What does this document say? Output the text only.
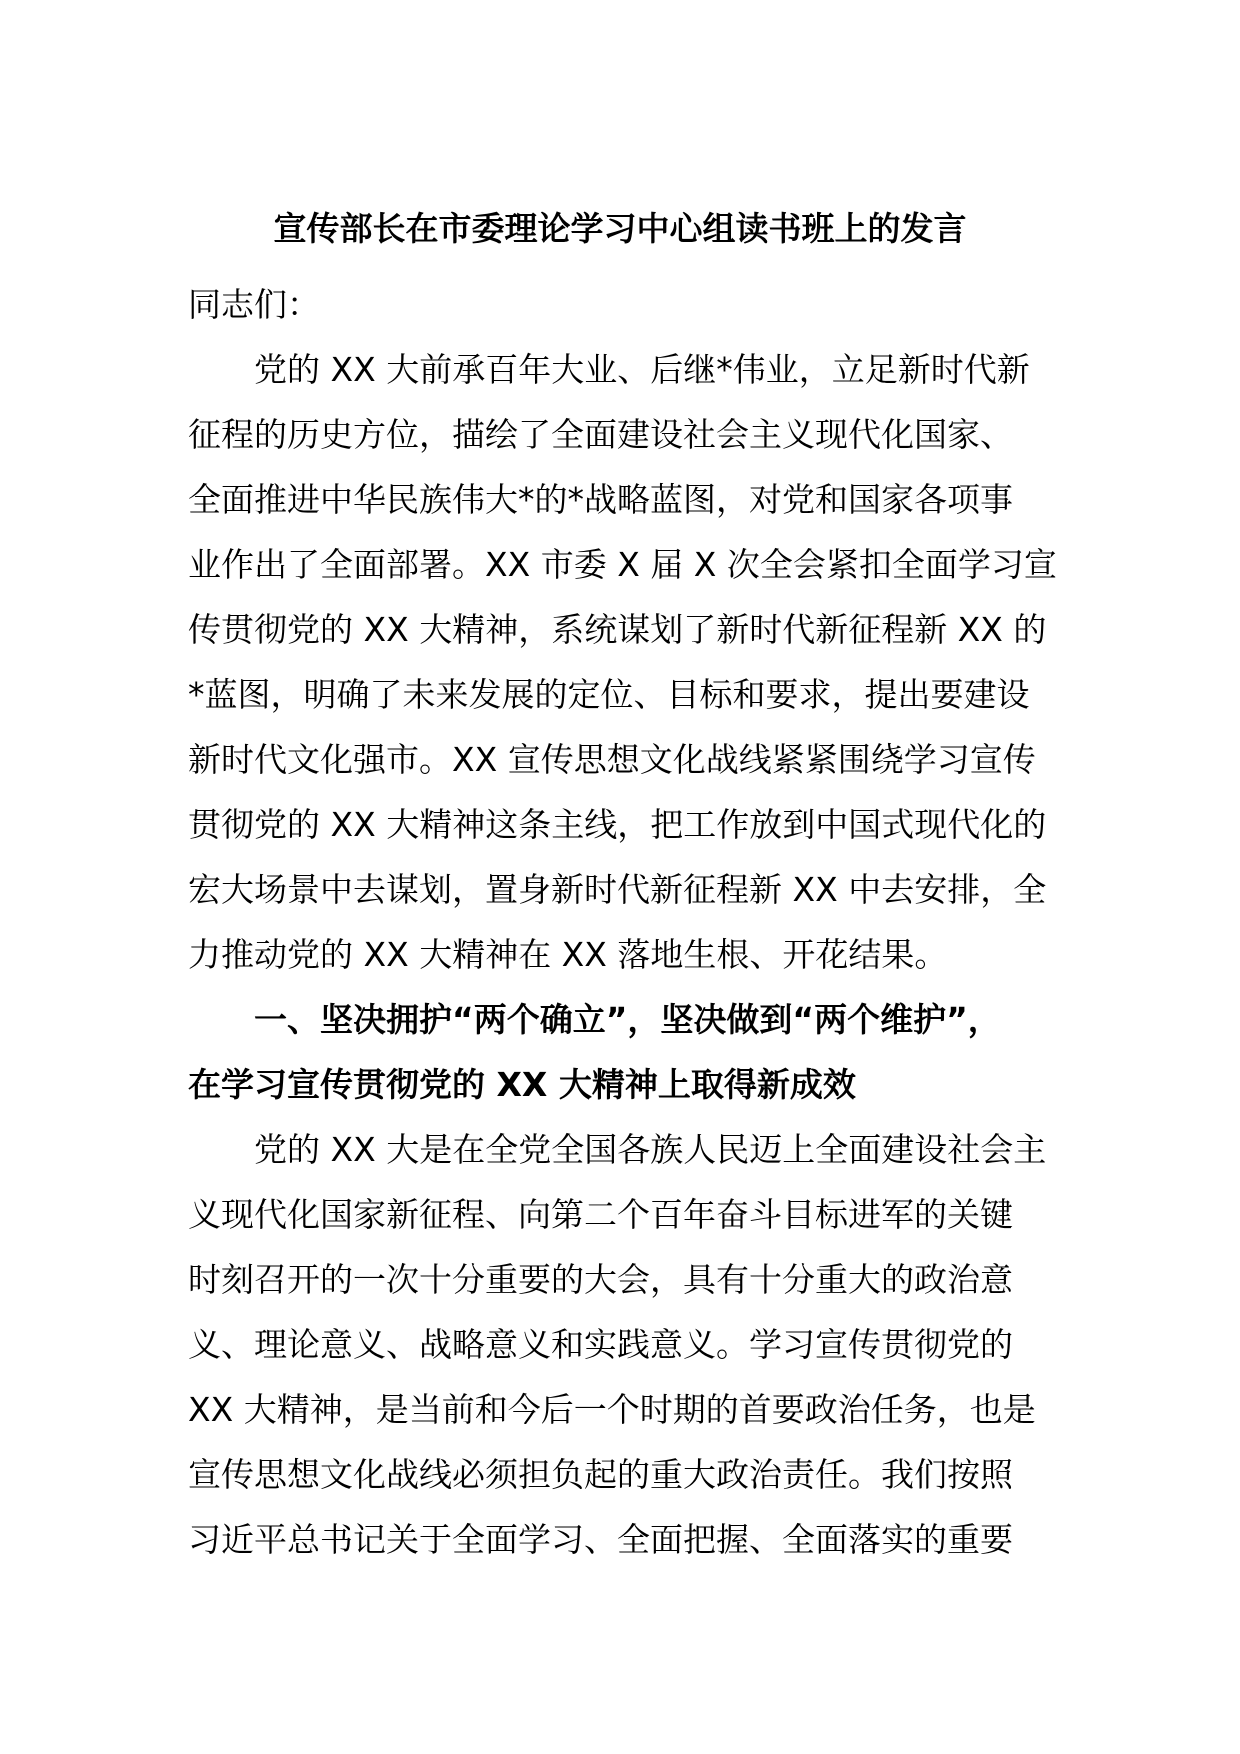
宣传部长在市委理论学习中心组读书班上的发言
同志们：
党的 XX 大前承百年大业、后继*伟业，立足新时代新
征程的历史方位，描绘了全面建设社会主义现代化国家、
全面推进中华民族伟大*的*战略蓝图，对党和国家各项事
业作出了全面部署。XX 市委 X 届 X 次全会紧扣全面学习宣
传贯彻党的 XX 大精神，系统谋划了新时代新征程新 XX 的
*蓝图，明确了未来发展的定位、目标和要求，提出要建设
新时代文化强市。XX 宣传思想文化战线紧紧围绕学习宣传
贯彻党的 XX 大精神这条主线，把工作放到中国式现代化的
宏大场景中去谋划，置身新时代新征程新 XX 中去安排，全
力推动党的 XX 大精神在 XX 落地生根、开花结果。
一、坚决拥护“两个确立”，坚决做到“两个维护”，
在学习宣传贯彻党的 XX 大精神上取得新成效
党的 XX 大是在全党全国各族人民迈上全面建设社会主
义现代化国家新征程、向第二个百年奋斗目标进军的关键
时刻召开的一次十分重要的大会，具有十分重大的政治意
义、理论意义、战略意义和实践意义。学习宣传贯彻党的
XX 大精神，是当前和今后一个时期的首要政治任务，也是
宣传思想文化战线必须担负起的重大政治责任。我们按照
习近平总书记关于全面学习、全面把握、全面落实的重要
